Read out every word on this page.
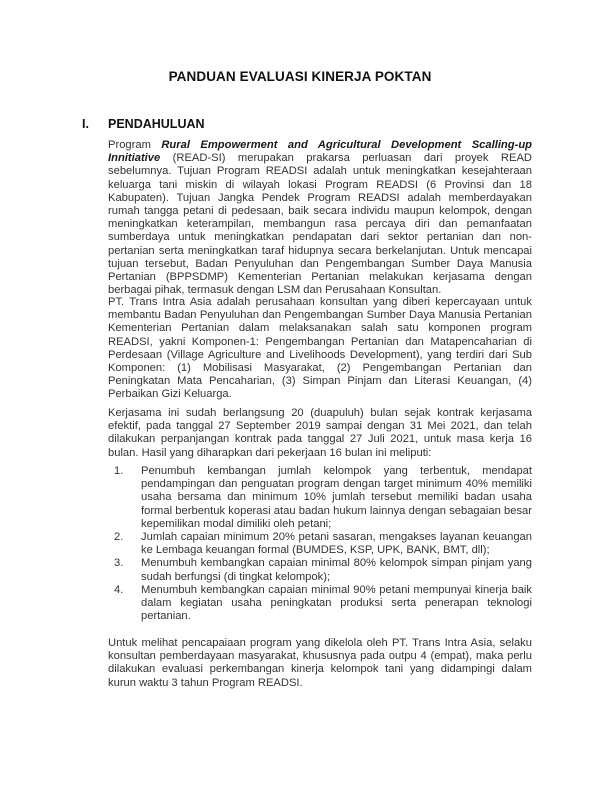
PANDUAN EVALUASI KINERJA POKTAN
I. PENDAHULUAN
Program Rural Empowerment and Agricultural Development Scalling-up Innitiative (READ-SI) merupakan prakarsa perluasan dari proyek READ sebelumnya. Tujuan Program READSI adalah untuk meningkatkan kesejahteraan keluarga tani miskin di wilayah lokasi Program READSI (6 Provinsi dan 18 Kabupaten). Tujuan Jangka Pendek Program READSI adalah memberdayakan rumah tangga petani di pedesaan, baik secara individu maupun kelompok, dengan meningkatkan keterampilan, membangun rasa percaya diri dan pemanfaatan sumberdaya untuk meningkatkan pendapatan dari sektor pertanian dan non-pertanian serta meningkatkan taraf hidupnya secara berkelanjutan. Untuk mencapai tujuan tersebut, Badan Penyuluhan dan Pengembangan Sumber Daya Manusia Pertanian (BPPSDMP) Kementerian Pertanian melakukan kerjasama dengan berbagai pihak, termasuk dengan LSM dan Perusahaan Konsultan.
PT. Trans Intra Asia adalah perusahaan konsultan yang diberi kepercayaan untuk membantu Badan Penyuluhan dan Pengembangan Sumber Daya Manusia Pertanian Kementerian Pertanian dalam melaksanakan salah satu komponen program READSI, yakni Komponen-1: Pengembangan Pertanian dan Matapencaharian di Perdesaan (Village Agriculture and Livelihoods Development), yang terdiri dari Sub Komponen: (1) Mobilisasi Masyarakat, (2) Pengembangan Pertanian dan Peningkatan Mata Pencaharian, (3) Simpan Pinjam dan Literasi Keuangan, (4) Perbaikan Gizi Keluarga.
Kerjasama ini sudah berlangsung 20 (duapuluh) bulan sejak kontrak kerjasama efektif, pada tanggal 27 September 2019 sampai dengan 31 Mei 2021, dan telah dilakukan perpanjangan kontrak pada tanggal 27 Juli 2021, untuk masa kerja 16 bulan. Hasil yang diharapkan dari pekerjaan 16 bulan ini meliputi:
1. Penumbuh kembangan jumlah kelompok yang terbentuk, mendapat pendampingan dan penguatan program dengan target minimum 40% memiliki usaha bersama dan minimum 10% jumlah tersebut memiliki badan usaha formal berbentuk koperasi atau badan hukum lainnya dengan sebagaian besar kepemilikan modal dimiliki oleh petani;
2. Jumlah capaian minimum 20% petani sasaran, mengakses layanan keuangan ke Lembaga keuangan formal (BUMDES, KSP, UPK, BANK, BMT, dll);
3. Menumbuh kembangkan capaian minimal 80% kelompok simpan pinjam yang sudah berfungsi (di tingkat kelompok);
4. Menumbuh kembangkan capaian minimal 90% petani mempunyai kinerja baik dalam kegiatan usaha peningkatan produksi serta penerapan teknologi pertanian.
Untuk melihat pencapaiaan program yang dikelola oleh PT. Trans Intra Asia, selaku konsultan pemberdayaan masyarakat, khususnya pada outpu 4 (empat), maka perlu dilakukan evaluasi perkembangan kinerja kelompok tani yang didampingi dalam kurun waktu 3 tahun Program READSI.
